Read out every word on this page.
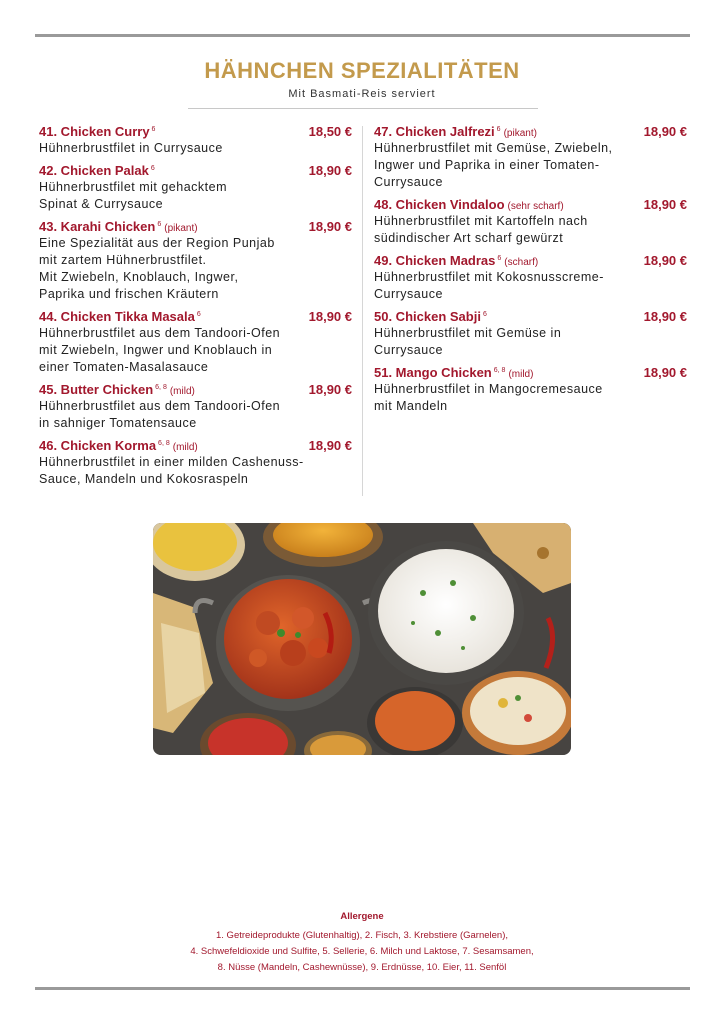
HÄHNCHEN SPEZIALITÄTEN
Mit Basmati-Reis serviert
41. Chicken Curry $^6$	18,50 €
Hühnerbrustfilet in Currysauce
42. Chicken Palak $^6$	18,90 €
Hühnerbrustfilet mit gehacktem
Spinat & Currysauce
43. Karahi Chicken $^6$ (pikant)	18,90 €
Eine Spezialität aus der Region Punjab
mit zartem Hühnerbrustfilet.
Mit Zwiebeln, Knoblauch, Ingwer,
Paprika und frischen Kräutern
44. Chicken Tikka Masala $^6$	18,90 €
Hühnerbrustfilet aus dem Tandoori-Ofen
mit Zwiebeln, Ingwer und Knoblauch in
einer Tomaten-Masalasauce
45. Butter Chicken $^{6, 8}$ (mild)	18,90 €
Hühnerbrustfilet aus dem Tandoori-Ofen
in sahniger Tomatensauce
46. Chicken Korma $^{6, 8}$ (mild)	18,90 €
Hühnerbrustfilet in einer milden Cashenuss-
Sauce, Mandeln und Kokosraspeln
47. Chicken Jalfrezi $^6$ (pikant)	18,90 €
Hühnerbrustfilet mit Gemüse, Zwiebeln,
Ingwer und Paprika in einer Tomaten-
Currysauce
48. Chicken Vindaloo (sehr scharf)	18,90 €
Hühnerbrustfilet mit Kartoffeln nach
südindischer Art scharf gewürzt
49. Chicken Madras $^6$ (scharf)	18,90 €
Hühnerbrustfilet mit Kokosnusscreme-
Currysauce
50. Chicken Sabji $^6$	18,90 €
Hühnerbrustfilet mit Gemüse in
Currysauce
51. Mango Chicken $^{6, 8}$ (mild)	18,90 €
Hühnerbrustfilet in Mangocremesauce
mit Mandeln
Allergene
1. Getreideprodukte (Glutenhaltig), 2. Fisch, 3. Krebstiere (Garnelen),
4. Schwefeldioxide und Sulfite, 5. Sellerie, 6. Milch und Laktose, 7. Sesamsamen,
8. Nüsse (Mandeln, Cashewnüsse), 9. Erdnüsse, 10. Eier, 11. Senföl
